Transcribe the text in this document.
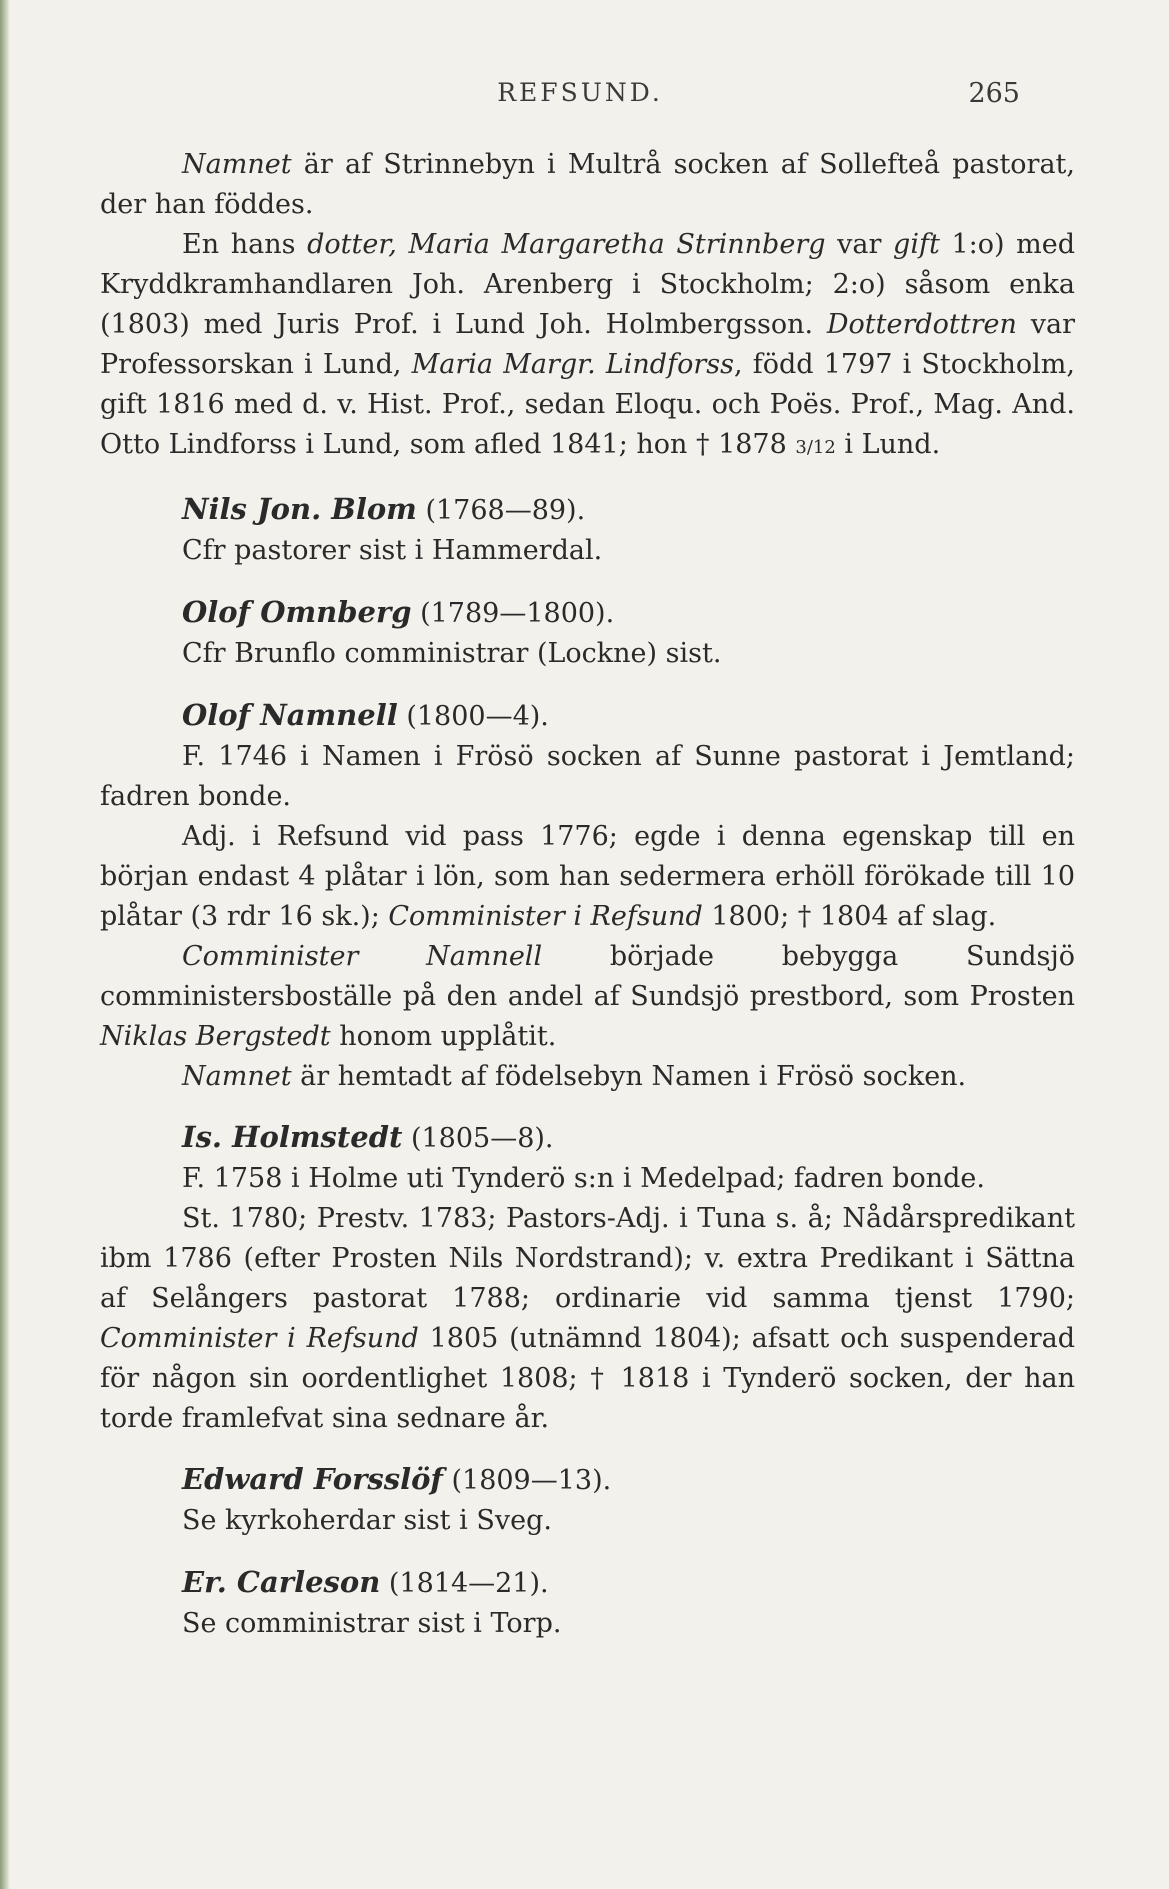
REFSUND.	265

Namnet är af Strinnebyn i Multrå socken af Sollefteå pastorat, der han föddes.

En hans dotter, Maria Margaretha Strinnberg var gift 1:o) med Kryddkramhandlaren Joh. Arenberg i Stockholm; 2:o) såsom enka (1803) med Juris Prof. i Lund Joh. Holmbergsson. Dotterdottren var Professorskan i Lund, Maria Margr. Lindforss, född 1797 i Stockholm, gift 1816 med d. v. Hist. Prof., sedan Eloqu. och Poës. Prof., Mag. And. Otto Lindforss i Lund, som afled 1841; hon † 1878 3/12 i Lund.

Nils Jon. Blom (1768—89).

Cfr pastorer sist i Hammerdal.

Olof Omnberg (1789—1800).

Cfr Brunflo comministrar (Lockne) sist.

Olof Namnell (1800—4).

F. 1746 i Namen i Frösö socken af Sunne pastorat i Jemtland; fadren bonde.

Adj. i Refsund vid pass 1776; egde i denna egenskap till en början endast 4 plåtar i lön, som han sedermera erhöll förökade till 10 plåtar (3 rdr 16 sk.); Comminister i Refsund 1800; † 1804 af slag.

Comminister Namnell började bebygga Sundsjö comministersboställe på den andel af Sundsjö prestbord, som Prosten Niklas Bergstedt honom upplåtit.

Namnet är hemtadt af födelsebyn Namen i Frösö socken.

Is. Holmstedt (1805—8).

F. 1758 i Holme uti Tynderö s:n i Medelpad; fadren bonde.

St. 1780; Prestv. 1783; Pastors-Adj. i Tuna s. å; Nådårspredikant ibm 1786 (efter Prosten Nils Nordstrand); v. extra Predikant i Sättna af Selångers pastorat 1788; ordinarie vid samma tjenst 1790; Comminister i Refsund 1805 (utnämnd 1804); afsatt och suspenderad för någon sin oordentlighet 1808; † 1818 i Tynderö socken, der han torde framlefvat sina sednare år.

Edward Forsslöf (1809—13).

Se kyrkoherdar sist i Sveg.

Er. Carleson (1814—21).

Se comministrar sist i Torp.
